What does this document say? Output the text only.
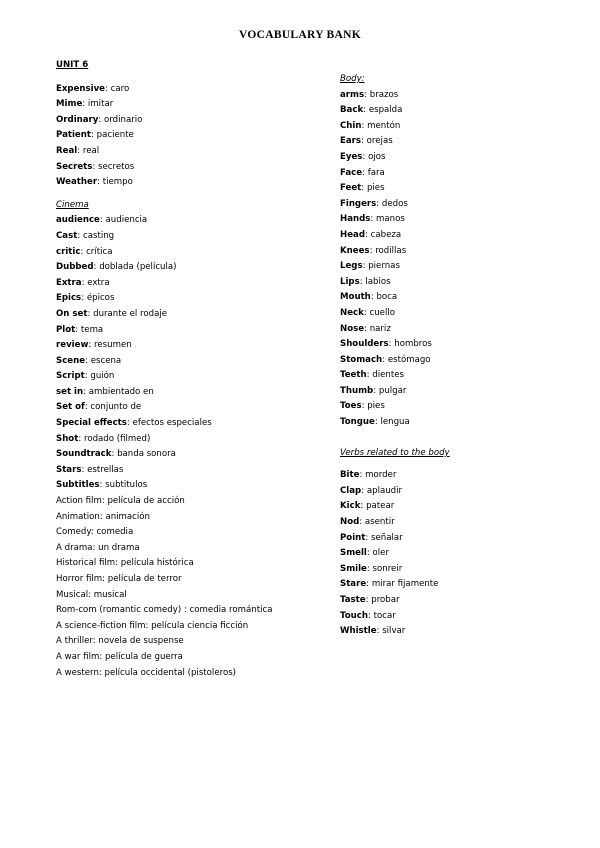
VOCABULARY BANK
UNIT 6
Expensive: caro
Mime: imitar
Ordinary: ordinario
Patient: paciente
Real: real
Secrets: secretos
Weather: tiempo
Cinema
audience: audiencia
Cast: casting
critic: crítica
Dubbed: doblada (película)
Extra: extra
Epics: épicos
On set: durante el rodaje
Plot: tema
review: resumen
Scene: escena
Script: guión
set in: ambientado en
Set of: conjunto de
Special effects: efectos especiales
Shot: rodado (filmed)
Soundtrack: banda sonora
Stars: estrellas
Subtitles: subtitulos
Action film: película de acción
Animation: animación
Comedy: comedia
A drama: un drama
Historical film: película histórica
Horror film: película de terror
Musical: musical
Rom-com (romantic comedy) : comedia romántica
A science-fiction film: película ciencia ficción
A thriller: novela de suspense
A war film: película de guerra
A western: película occidental (pistoleros)
Body:
arms: brazos
Back: espalda
Chin: mentón
Ears: orejas
Eyes: ojos
Face: fara
Feet: pies
Fingers: dedos
Hands: manos
Head: cabeza
Knees: rodillas
Legs: piernas
Lips: labios
Mouth: boca
Neck: cuello
Nose: nariz
Shoulders: hombros
Stomach: estómago
Teeth: dientes
Thumb: pulgar
Toes: pies
Tongue: lengua
Verbs related to the body
Bite: morder
Clap: aplaudir
Kick: patear
Nod: asentir
Point: señalar
Smell: oler
Smile: sonreir
Stare: mirar fijamente
Taste: probar
Touch: tocar
Whistle: silvar
